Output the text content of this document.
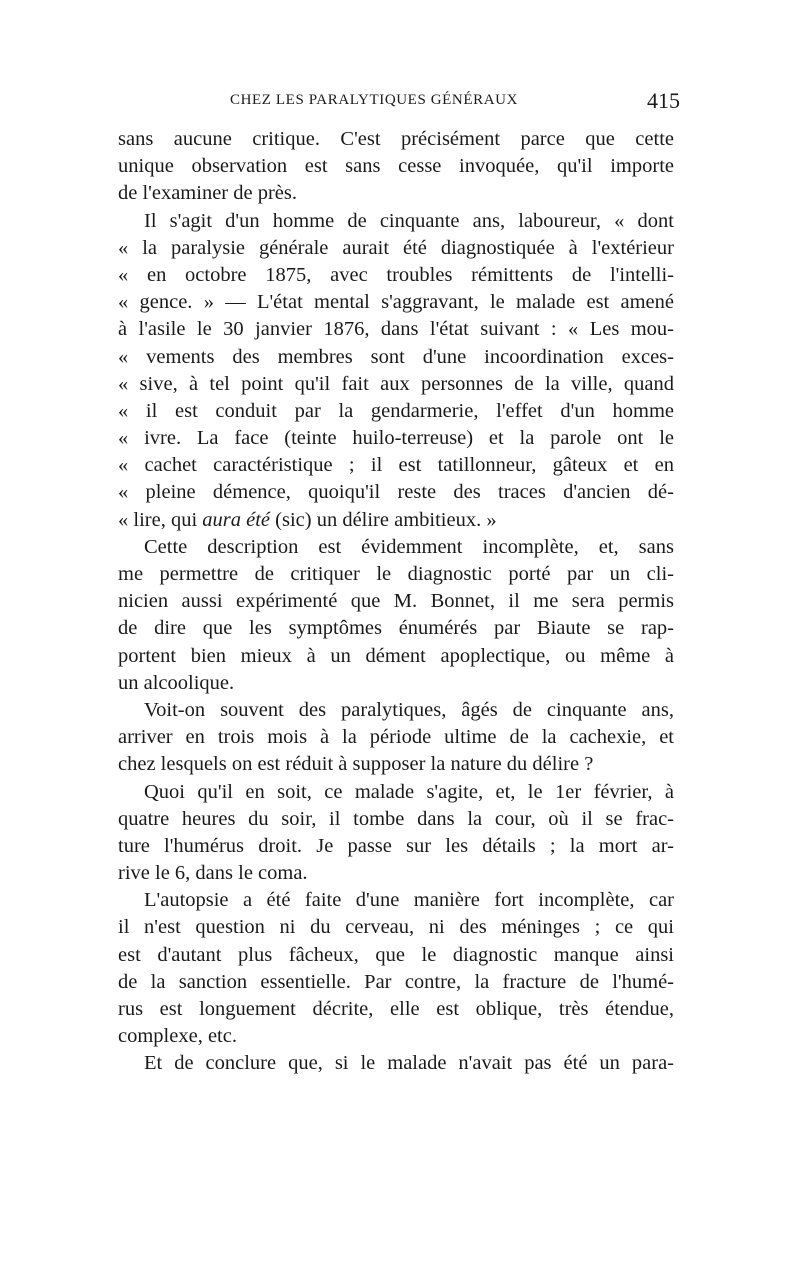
CHEZ LES PARALYTIQUES GÉNÉRAUX	415
sans aucune critique. C'est précisément parce que cette
unique observation est sans cesse invoquée, qu'il importe
de l'examiner de près.
Il s'agit d'un homme de cinquante ans, laboureur, « dont
« la paralysie générale aurait été diagnostiquée à l'extérieur
« en octobre 1875, avec troubles rémittents de l'intelli-
« gence. » — L'état mental s'aggravant, le malade est amené
à l'asile le 30 janvier 1876, dans l'état suivant : « Les mou-
« vements des membres sont d'une incoordination exces-
« sive, à tel point qu'il fait aux personnes de la ville, quand
« il est conduit par la gendarmerie, l'effet d'un homme
« ivre. La face (teinte huilo-terreuse) et la parole ont le
« cachet caractéristique ; il est tatillonneur, gâteux et en
« pleine démence, quoiqu'il reste des traces d'ancien dé-
« lire, qui aura été (sic) un délire ambitieux. »
Cette description est évidemment incomplète, et, sans
me permettre de critiquer le diagnostic porté par un cli-
nicien aussi expérimenté que M. Bonnet, il me sera permis
de dire que les symptômes énumérés par Biaute se rap-
portent bien mieux à un dément apoplectique, ou même à
un alcoolique.
Voit-on souvent des paralytiques, âgés de cinquante ans,
arriver en trois mois à la période ultime de la cachexie, et
chez lesquels on est réduit à supposer la nature du délire ?
Quoi qu'il en soit, ce malade s'agite, et, le 1er février, à
quatre heures du soir, il tombe dans la cour, où il se frac-
ture l'humérus droit. Je passe sur les détails ; la mort ar-
rive le 6, dans le coma.
L'autopsie a été faite d'une manière fort incomplète, car
il n'est question ni du cerveau, ni des méninges ; ce qui
est d'autant plus fâcheux, que le diagnostic manque ainsi
de la sanction essentielle. Par contre, la fracture de l'humé-
rus est longuement décrite, elle est oblique, très étendue,
complexe, etc.
Et de conclure que, si le malade n'avait pas été un para-
